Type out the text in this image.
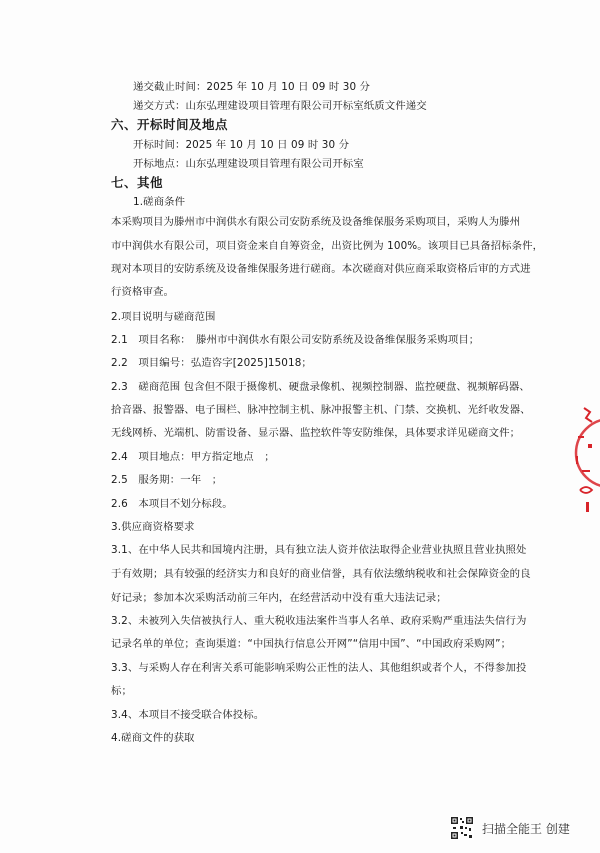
递交截止时间：2025 年 10 月 10 日 09 时 30 分
递交方式：山东弘理建设项目管理有限公司开标室纸质文件递交
六、开标时间及地点
开标时间：2025 年 10 月 10 日 09 时 30 分
开标地点：山东弘理建设项目管理有限公司开标室
七、其他
1.磋商条件
本采购项目为滕州市中润供水有限公司安防系统及设备维保服务采购项目，采购人为滕州
市中润供水有限公司，项目资金来自自筹资金，出资比例为 100%。该项目已具备招标条件，
现对本项目的安防系统及设备维保服务进行磋商。本次磋商对供应商采取资格后审的方式进
行资格审查。
2.项目说明与磋商范围
2.1　项目名称：　滕州市中润供水有限公司安防系统及设备维保服务采购项目；
2.2　项目编号：弘造咨字[2025]15018；
2.3　磋商范围 包含但不限于摄像机、硬盘录像机、视频控制器、监控硬盘、视频解码器、
拾音器、报警器、电子围栏、脉冲控制主机、脉冲报警主机、门禁、交换机、光纤收发器、
无线网桥、光端机、防雷设备、显示器、监控软件等安防维保，具体要求详见磋商文件；
2.4　项目地点：甲方指定地点　；
2.5　服务期：一年　；
2.6　本项目不划分标段。
3.供应商资格要求
3.1、在中华人民共和国境内注册，具有独立法人资并依法取得企业营业执照且营业执照处
于有效期；具有较强的经济实力和良好的商业信誉，具有依法缴纳税收和社会保障资金的良
好记录；参加本次采购活动前三年内，在经营活动中没有重大违法记录；
3.2、未被列入失信被执行人、重大税收违法案件当事人名单、政府采购严重违法失信行为
记录名单的单位；查询渠道：“中国执行信息公开网”“信用中国”、“中国政府采购网”；
3.3、与采购人存在利害关系可能影响采购公正性的法人、其他组织或者个人，不得参加投
标；
3.4、本项目不接受联合体投标。
4.磋商文件的获取
扫描全能王 创建
